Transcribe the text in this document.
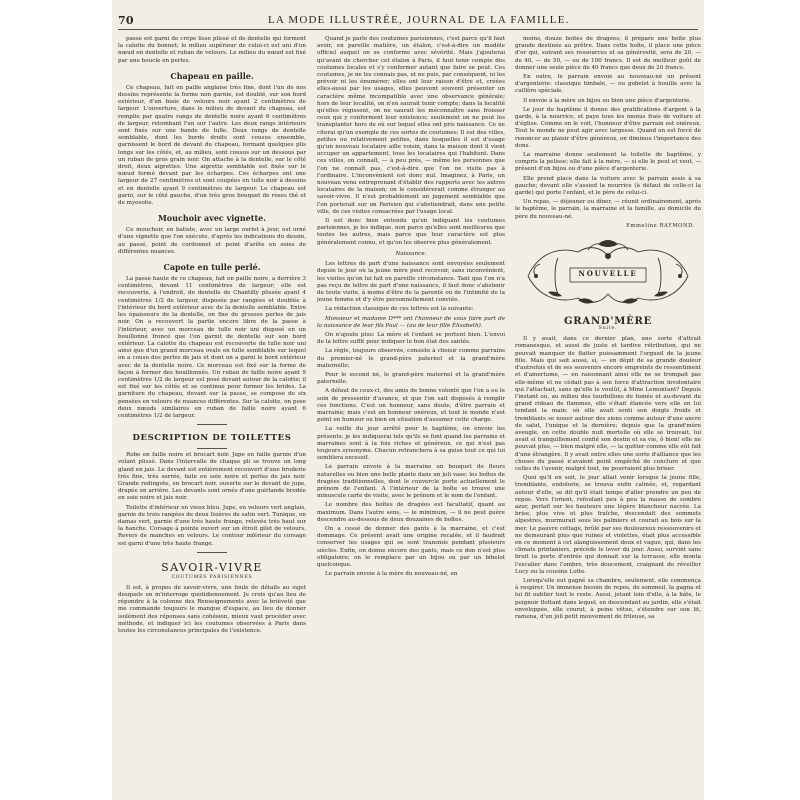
70	LA MODE ILLUSTRÉE, JOURNAL DE LA FAMILLE.

passe est garni de crêpe lisse plissé et de dentelle qui forment la calotte du bonnet; le milieu supérieur de celui-ci est uni d'un nœud en dentelle et ruban de velours. Le milieu du nœud est fixé par une boucle en perles.

Chapeau en paille.

Ce chapeau, fait en paille anglaise très fine, dont l'un de nos dessins représente la forme non garnie, est doublé, sur son bord extérieur, d'un biais de velours noir ayant 2 centimètres de largeur. L'ouverture, dans le milieu de devant du chapeau, est remplie par quatre rangs de dentelle noire ayant 6 centimètres de largeur, retombant l'un sur l'autre. Les deux rangs intérieurs sont fixés sur une bande de tulle. Deux rangs de dentelle semblable, dont les bords droits sont cousus ensemble, garnissent le bord de devant du chapeau, formant quelques plis longs sur les côtés, et, au milieu, sont cousus sur un dessous par un ruban de gros grain noir. On attache à la dentelle, sur le côté droit, deux aigrettes. Une aigrette semblable est fixée sur le nœud formé devant par les écharpes. Ces écharpes ont une largeur de 27 centimètres et sont coupées en tulle noir à dessins et en dentelle ayant 9 centimètres de largeur. Le chapeau est garni, sur le côté gauche, d'un très gros bouquet de roses thé et de myosotis.

Mouchoir avec vignette.

Ce mouchoir, en batiste, avec un large ourlet à jour, est orné d'une vignette que l'on exécute, d'après les indications du dessin, au passé, point de cordonnet et point d'arête en soies de différentes nuances.

Capote en tulle perlé.

La passe haute de ce chapeau, fait en paille noire, a derrière 3 centimètres, devant 11 centimètres de largeur; elle est recouverte, à l'endroit, de dentelle de Chantilly plissée ayant 4 centimètres 1/2 de largeur, disposée par rangées et doublée à l'intérieur du bord extérieur avec de la dentelle semblable. Entre les épaisseurs de la dentelle, on fixe de grosses perles de jais noir. On a recouvert la partie encore libre de la passe à l'intérieur, avec un morceau de tulle noir uni disposé en un bouillonné froncé que l'on garnit de dentelle sur son bord extérieur. La calotte du chapeau est recouverte de tulle noir uni ainsi que d'un grand morceau ovale en tulle semblable sur lequel on a cousu des perles de jais et dont on a garni le bord extérieur avec de la dentelle noire. Ce morceau est fixé sur la forme de façon à former des bouillonnés. Un ruban de faille noire ayant 9 centimètres 1/2 de largeur est posé devant autour de la calotte; il est fixé sur les côtés et se continue pour former les brides. La garniture du chapeau, devant sur la passe, se compose de six pensées en velours de nuances différentes. Sur la calotte, on pose deux nœuds similaires en ruban de faille noire ayant 6 centimètres 1/2 de largeur.

DESCRIPTION DE TOILETTES

Robe en faille noire et brocart noir. Jupe en faille garnie d'un volant plissé. Dans l'intervalle de chaque pli se trouve un long gland en jais. Le devant est entièrement recouvert d'une broderie très fine, très serrée, faite en soie noire et perles de jais noir. Grande redingote, en brocart noir, ouverte sur le devant de jupe, drapée en arrière. Les devants sont ornés d'une guirlande brodée en soie noire et jais noir.

Toilette d'intérieur en vieux bleu. Jupe, en velours vert anglais, garnie de trois rangées de deux lisières de satin vert. Tunique, en damas vert, garnie d'une très haute frange, relevée très haut sur la hanche. Corsage à pointe ouvert sur un étroit gilet de velours. Revers de manches en velours. Le contour inférieur du corsage est garni d'une très haute frange.

SAVOIR-VIVRE
COUTUMES PARISIENNES

Il est, à propos de savoir-vivre, une foule de détails au sujet desquels on m'interroge quotidiennement. Je crois qu'au lieu de répondre à la colonne des Renseignements avec la brièveté que me commande toujours le manque d'espace, au lieu de donner isolément des réponses sans cohésion, mieux vaut procéder avec méthode, et indiquer ici les coutumes observées à Paris dans toutes les circonstances principales de l'existence.

Quand je parle des coutumes parisiennes, c'est parce qu'il faut avoir, en pareille matière, un étalon, c'est-à-dire un modèle officiel auquel on se conforme avec sévérité. Mais j'ajouterai qu'avant de chercher cet étalon à Paris, il faut tenir compte des coutumes locales et s'y conformer autant que faire se peut. Ces coutumes, je ne les connais pas, et ne puis, par conséquent, ni les prévoir ni les énumérer; elles ont leur raison d'être et, créées elles-aussi par les usages, elles peuvent souvent présenter un caractère même incompatible avec une observance générale; hors de leur localité, on n'en saurait tenir compte; dans la localité qu'elles régissent, on ne saurait les méconnaître sans froisser ceux qui y conforment leur existence; seulement on ne peut les transplanter hors de où sur lequel elles ont pris naissance. Ce ne citerai qu'un exemple de ces sortes de coutumes: Il est des villes, petites ou relativement petites, dans lesquelles il est d'usage qu'un nouveau locataire aille voisin, dans la maison dont il vient occuper un appartement, tous les locataires qui l'habitent. Dans ces villes, on connaît, — à peu près, — même les personnes que l'on ne connaît pas, c'est-à-dire que l'on ne visite pas à l'ordinaire. L'inconvénient est donc nul. Imaginez, à Paris, un nouveau venu entreprenant d'établir des rapports avec les autres locataires de la maison; on le considérerait comme étranger au savoir-vivre. Il n'est probablement un jugement semblable que l'on porterait sur un Parisien qui s'abstiendrait, dans une petite ville, de ces visites consacrées par l'usage local.

Il est donc bien entendu qu'en indiquant les coutumes parisiennes, je les indique, non parce qu'elles sont meilleures que toutes les autres, mais parce que leur caractère est plus généralement connu, et qu'on les observe plus généralement.

Naissance.

Les lettres de part d'une naissance sont envoyées seulement depuis le jour où la jeune mère peut recevoir, sans inconvénient, les visites qu'on lui fait en pareille circonstance. Tant que l'on n'a pas reçu de lettre de part d'une naissance, il faut donc s'abstenir de toute visite, à moins d'être de la parenté ou de l'intimité de la jeune femme et d'y être personnellement conviée.

La rédaction classique de ces lettres est la suivante:

Monsieur et madame D*** ont l'honneur de vous faire part de la naissance de leur fils Paul — (ou de leur fille Élisabeth).

On n'ajoute plus: La mère et l'enfant se portent bien. L'envoi de la lettre suffit pour indiquer le bon état des santés.

La règle, toujours observée, consiste à choisir comme parrains du premier-né le grand-père paternel et la grand'mère maternelle;

Pour le second né, le grand-père maternel et la grand'mère paternelle.

A défaut de ceux-ci, des amis de bonne volonté que l'on a eu le soin de pressentir d'avance, et que l'on sait disposés à remplir ces fonctions. C'est un honneur, sans doute, d'être parrain et marraine; mais c'est un honneur onéreux, et tout le monde n'est point en humeur ou bien en situation d'assumer cette charge.

La veille du jour arrêté pour le baptême, on envoie les présents; je les indiquerai tels qu'ils se font quand les parrains et marraines sont à la fois riches et généreux, ce qui n'est pas toujours synonyme. Chacun retranchera à sa guise tout ce qui lui semblera excessif.

Le parrain envoie à la marraine un bouquet de fleurs naturelles ou bien une belle plante dans un joli vase; les boîtes de dragées traditionnelles, dont le couvercle porte actuellement le prénom de l'enfant. A l'intérieur de la boîte se trouve une minuscule carte de visite, avec le prénom et le nom de l'enfant.

Le nombre des boîtes de dragées est facultatif, quant au maximum. Dans l'autre sens, — le minimum, — il ne peut guère descendre au-dessous de deux douzaines de boîtes.

On a cessé de donner des gants à la marraine, et c'est dommage. Ce présent avait une origine recalée, et il faudrait conserver les usages qui se sont transmis pendant plusieurs siècles. Enfin, on donne encore des gants, mais ce don n'est plus obligatoire; on le remplace par un bijou ou par un bibelot quelconque.

Le parrain envoie à la mère du nouveau-né, en

moins, douze boîtes de dragées; il prépare une boîte plus grande destinée au prêtre. Dans cette boîte, il place une pièce d'or qui, suivant ses ressources et sa générosité, sera de 20, — de 40, — de 50, — ou de 100 francs. Il est de meilleur goût de donner une seule pièce de 40 francs que deux de 20 francs.

En outre, le parrain envoie au nouveau-né un présent d'argenterie: classique timbale, — ou gobelet à houille avec la cuillère spéciale.

Il envoie à la mère un bijou ou bien une pièce d'argenterie.

Le jour du baptême il donne des gratifications d'argent à la garde, à la nourrice, et paye tous les menus frais de voiture et d'église. Comme on le voit, l'honneur d'être parrain est onéreux. Tout le monde ne peut agir avec largesse. Quand on est forcé de renoncer au plaisir d'être généreux, on diminue l'importance des dons.

La marraine donne seulement la toilette de baptême, y compris la pelisse; elle fait à la mère, — si elle le peut et veut, — présent d'un bijou ou d'une pièce d'argenterie.

Elle prend place dans la voiture avec le parrain assis à sa gauche; devant elle s'assied la nourrice (à défaut de celle-ci la garde) qui porte l'enfant, et le père de celui-ci.

Un repas, — déjeuner ou dîner, — réunit ordinairement, après le baptême, le parrain, la marraine et la famille, au domicile du père du nouveau-né.

Emmeline RAYMOND.
NOUVELLE
GRAND'MÈRE
Suite.

Il y avait, dans ce dernier plan, une sorte d'attrait romanesque, et aussi de juste et tardive rétribution, qui ne pouvait manquer de flatter puissamment l'orgueil de la jeune fille. Mais qui sait aussi, si, — en dépit de sa grande douleur d'autrefois et de ses souvenirs encore empreints de ressentiment et d'amertume, — en raisonnant ainsi elle ne se trompait pas elle-même et ne cédait pas à son force d'attraction involontaire qui l'attachait, sans qu'elle le voulût, à Mme Lemontant? Depuis l'instant où, au milieu des tourbillons de fumée et au-devant du grand rideau de flammes, elle s'était élancée vers elle en lui tendant la main; où elle avait senti son doigts froids et tremblants se nouer autour des siens comme autour d'une ancre de salut, l'unique et la dernière; depuis que la grand'mère aveugle, en cette double nuit mortelle où elle se trouvait, lui avait si tranquillement confié son destin et sa vie, ô bien! elle ne pouvait plus, — bien malgré elle, — la quitter comme elle eût fait d'une étrangère. Il y avait entre elles une sorte d'alliance que les choses du passé n'avaient point empêché de conclure et que celles de l'avenir, malgré tout, ne pourraient plus briser.

Quoi qu'il en soit, le jour allait venir lorsque la jeune fille, tremblante, endolorie, se trouva enfin calmée, et, regardant autour d'elle, se dit qu'il était temps d'aller prendre un peu de repos. Vers l'orient, refoulant peu à peu la masse de sombre azur, perlait sur les hauteurs une légère blancheur nacrée. La brise, plus vive et plus fraîche, descendait des sommets alpestres, murmurait sous les palmiers et courait au bois sur la mer. Le pauvre cottage, brûlé par ses douloureux ressouvenirs et ne demeurant plus que ruines et violettes, était plus accessible en ce moment à cet alanguissement doux et vague, qui, dans les climats printaniers, précède le lever du jour. Aussi, survint sans bruit la porte d'entrée qui donnait sur la terrasse, elle monta l'escalier dans l'ombre, très doucement, craignant de réveiller Lucy ou la cousine Lotte.

Lorsqu'elle eut gagné sa chambre, seulement, elle commença à respirer. Un immense besoin de repos, de sommeil, la gagna et lui fit oublier tout le reste. Aussi, jetant loin d'elle, à la hâte, le peignoir flottant dans lequel, en descendant au jardin, elle s'était enveloppée, elle courut, à peine vêtue, s'étendre sur son lit, ramena, d'un joli petit mouvement de frileuse, sa
